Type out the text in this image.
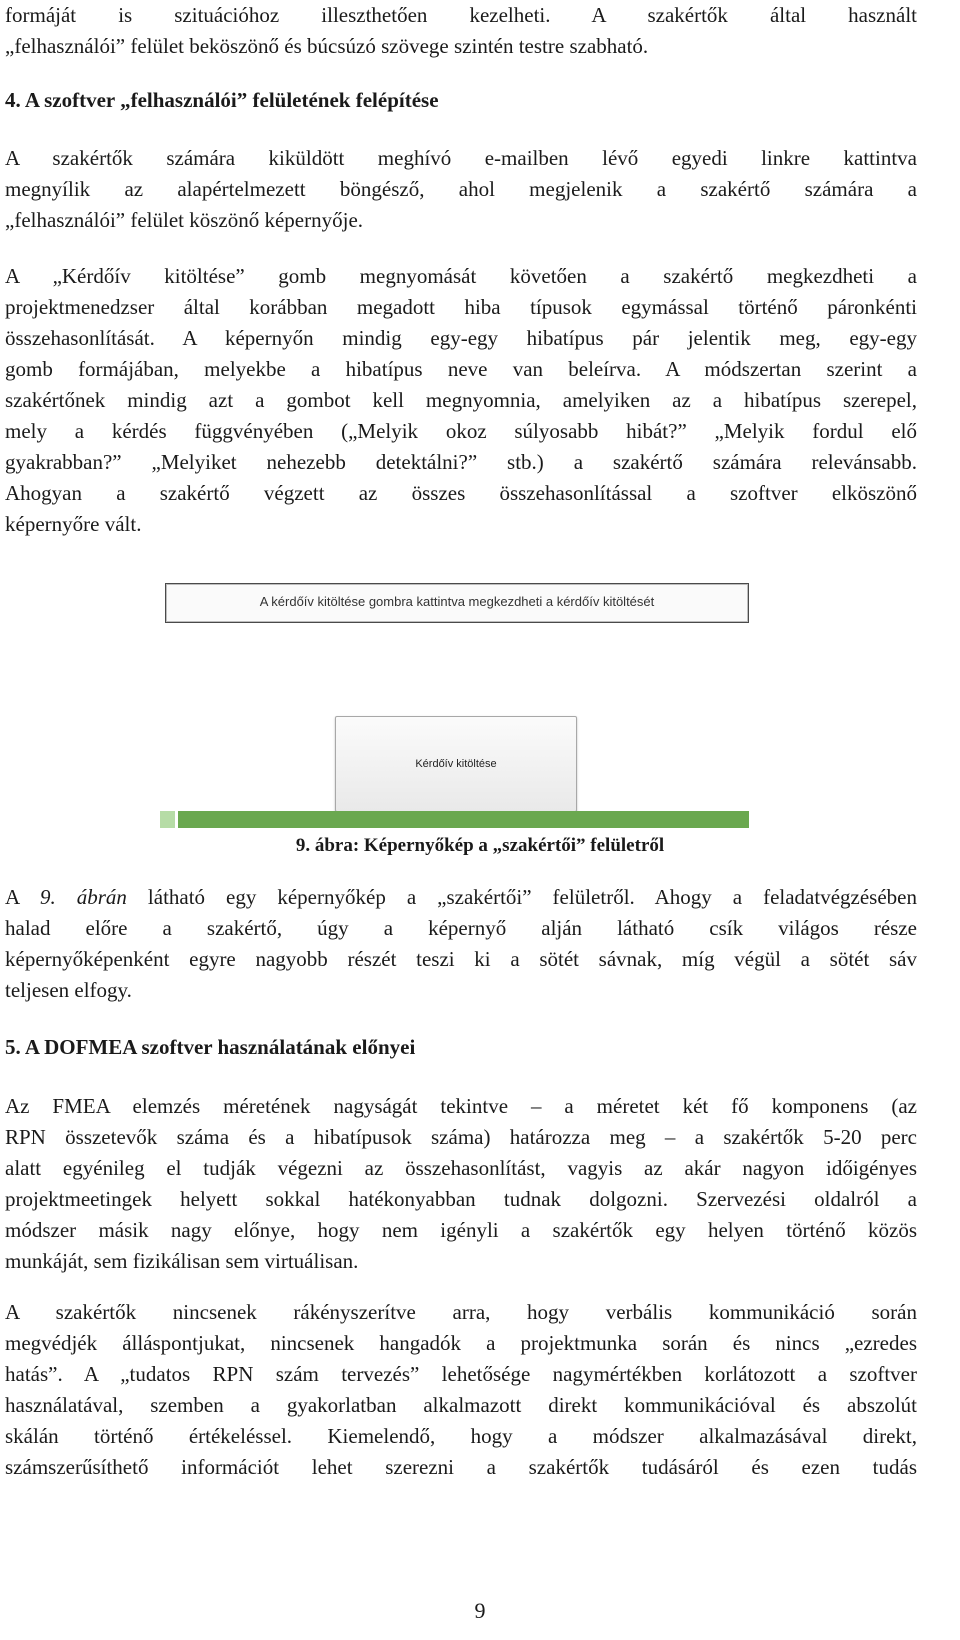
formáját is szituációhoz illeszthetően kezelheti. A szakértők által használt

„felhasználói” felület beköszönő és búcsúzó szövege szintén testre szabható.

4. A szoftver „felhasználói” felületének felépítése

A szakértők számára kiküldött meghívó e-mailben lévő egyedi linkre kattintva

megnyílik az alapértelmezett böngésző, ahol megjelenik a szakértő számára a

„felhasználói” felület köszönő képernyője.

A „Kérdőív kitöltése” gomb megnyomását követően a szakértő megkezdheti a

projektmenedzser által korábban megadott hiba típusok egymással történő páronkénti

összehasonlítását. A képernyőn mindig egy-egy hibatípus pár jelentik meg, egy-egy

gomb formájában, melyekbe a hibatípus neve van beleírva. A módszertan szerint a

szakértőnek mindig azt a gombot kell megnyomnia, amelyiken az a hibatípus szerepel,

mely a kérdés függvényében („Melyik okoz súlyosabb hibát?” „Melyik fordul elő

gyakrabban?” „Melyiket nehezebb detektálni?” stb.) a szakértő számára relevánsabb.

Ahogyan a szakértő végzett az összes összehasonlítással a szoftver elköszönő

képernyőre vált.

A kérdőív kitöltése gombra kattintva megkezdheti a kérdőív kitöltését
Kérdőív kitöltése
9. ábra: Képernyőkép a „szakértői” felületről

A 9. ábrán látható egy képernyőkép a „szakértői” felületről. Ahogy a feladatvégzésében

halad előre a szakértő, úgy a képernyő alján látható csík világos része

képernyőképenként egyre nagyobb részét teszi ki a sötét sávnak, míg végül a sötét sáv

teljesen elfogy.

5. A DOFMEA szoftver használatának előnyei

Az FMEA elemzés méretének nagyságát tekintve – a méretet két fő komponens (az

RPN összetevők száma és a hibatípusok száma) határozza meg – a szakértők 5-20 perc

alatt egyénileg el tudják végezni az összehasonlítást, vagyis az akár nagyon időigényes

projektmeetingek helyett sokkal hatékonyabban tudnak dolgozni. Szervezési oldalról a

módszer másik nagy előnye, hogy nem igényli a szakértők egy helyen történő közös

munkáját, sem fizikálisan sem virtuálisan.

A szakértők nincsenek rákényszerítve arra, hogy verbális kommunikáció során

megvédjék álláspontjukat, nincsenek hangadók a projektmunka során és nincs „ezredes

hatás”. A „tudatos RPN szám tervezés” lehetősége nagymértékben korlátozott a szoftver

használatával, szemben a gyakorlatban alkalmazott direkt kommunikációval és abszolút

skálán történő értékeléssel. Kiemelendő, hogy a módszer alkalmazásával direkt,

számszerűsíthető információt lehet szerezni a szakértők tudásáról és ezen tudás

9
